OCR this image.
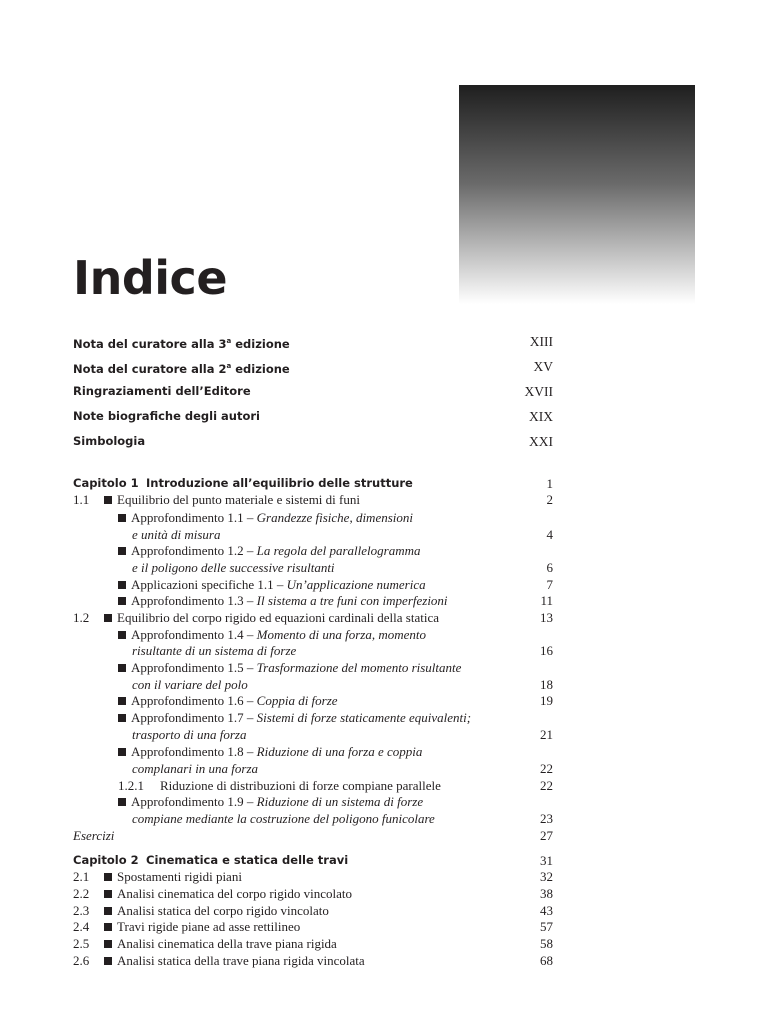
Indice
Nota del curatore alla 3$^a$ edizione	XIII
Nota del curatore alla 2$^a$ edizione	XV
Ringraziamenti dell’Editore	XVII
Note biografiche degli autori	XIX
Simbologia	XXI
Capitolo 1 Introduzione all’equilibrio delle strutture	1
1.1	Equilibrio del punto materiale e sistemi di funi	2
Approfondimento 1.1 – Grandezze fisiche, dimensioni
e unità di misura	4
Approfondimento 1.2 – La regola del parallelogramma
e il poligono delle successive risultanti	6
Applicazioni specifiche 1.1 – Un’applicazione numerica	7
Approfondimento 1.3 – Il sistema a tre funi con imperfezioni	11
1.2	Equilibrio del corpo rigido ed equazioni cardinali della statica	13
Approfondimento 1.4 – Momento di una forza, momento
risultante di un sistema di forze	16
Approfondimento 1.5 – Trasformazione del momento risultante
con il variare del polo	18
Approfondimento 1.6 – Coppia di forze	19
Approfondimento 1.7 – Sistemi di forze staticamente equivalenti;
trasporto di una forza	21
Approfondimento 1.8 – Riduzione di una forza e coppia
complanari in una forza	22
1.2.1 Riduzione di distribuzioni di forze compiane parallele	22
Approfondimento 1.9 – Riduzione di un sistema di forze
compiane mediante la costruzione del poligono funicolare	23
Esercizi	27
Capitolo 2 Cinematica e statica delle travi	31
2.1	Spostamenti rigidi piani	32
2.2	Analisi cinematica del corpo rigido vincolato	38
2.3	Analisi statica del corpo rigido vincolato	43
2.4	Travi rigide piane ad asse rettilineo	57
2.5	Analisi cinematica della trave piana rigida	58
2.6	Analisi statica della trave piana rigida vincolata	68
